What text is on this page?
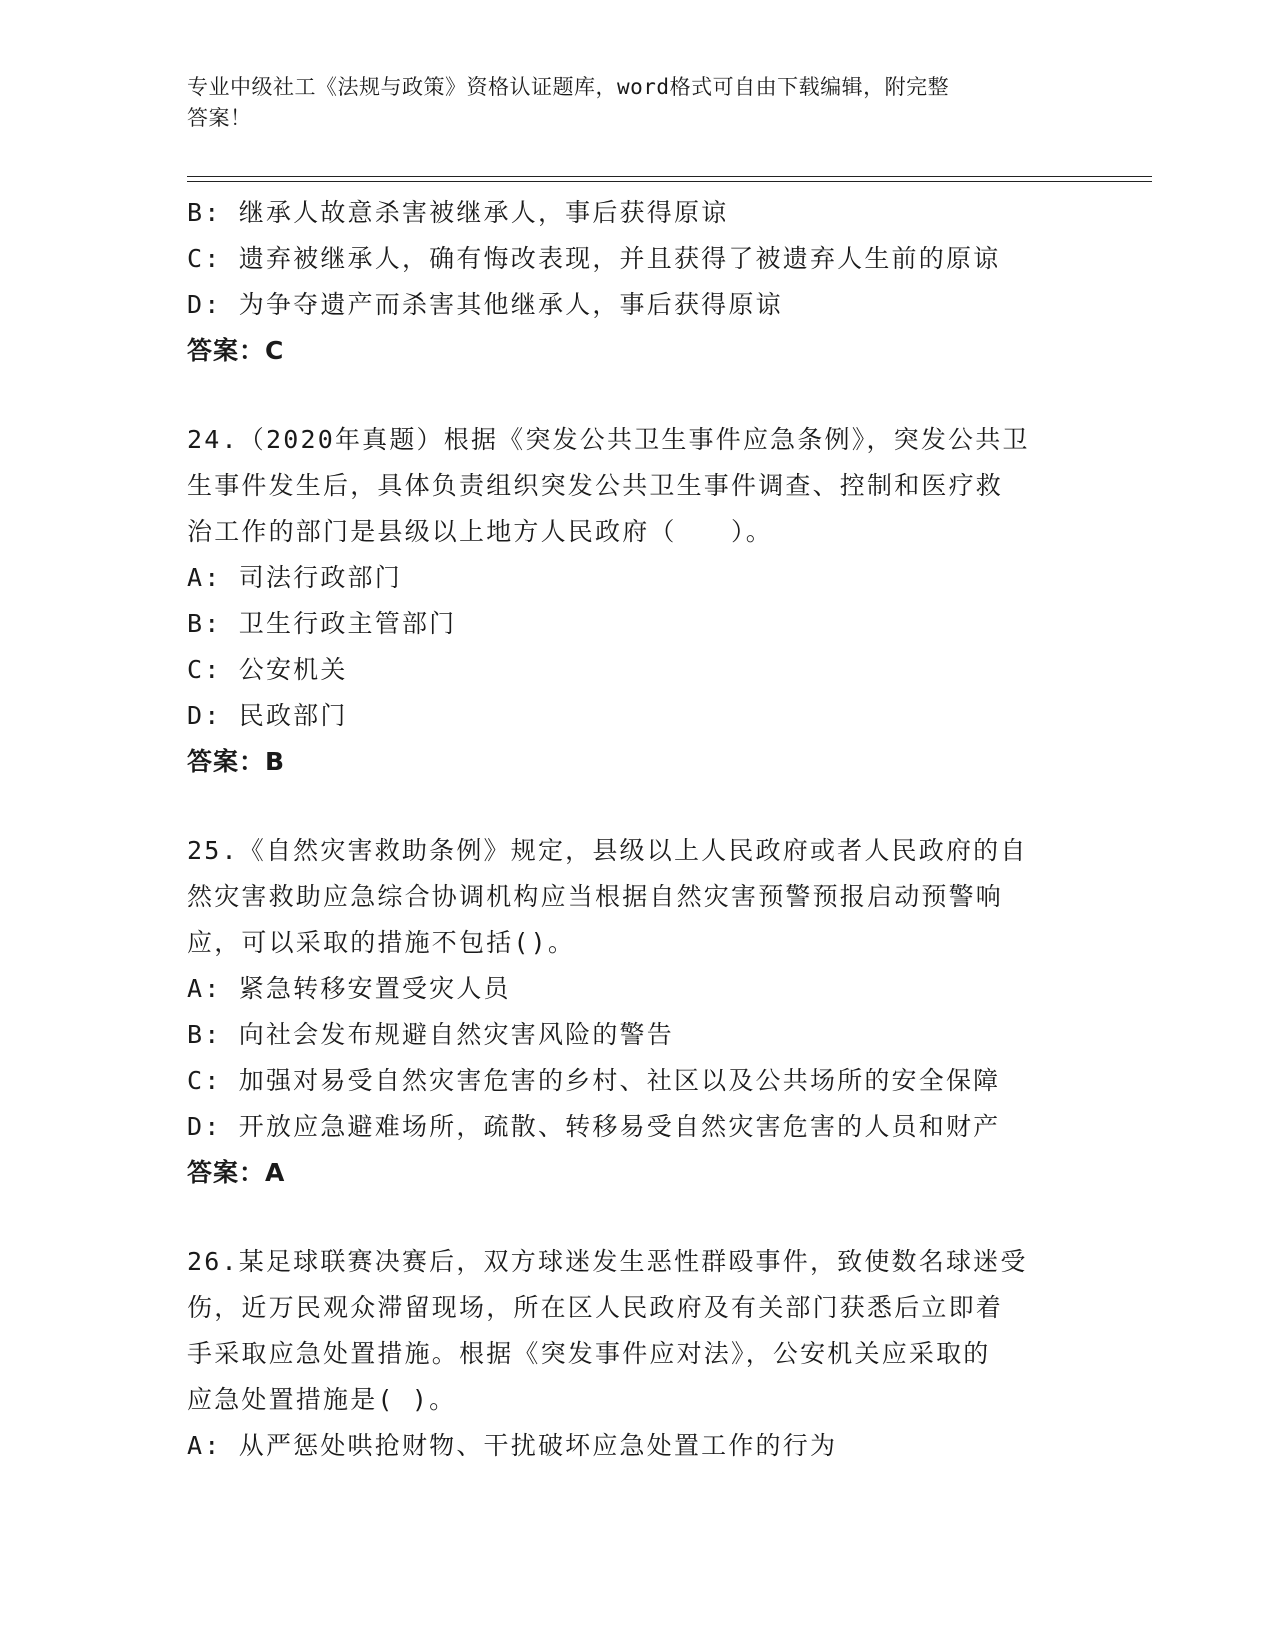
专业中级社工《法规与政策》资格认证题库，word格式可自由下载编辑，附完整
答案！
B: 继承人故意杀害被继承人，事后获得原谅
C: 遗弃被继承人，确有悔改表现，并且获得了被遗弃人生前的原谅
D: 为争夺遗产而杀害其他继承人，事后获得原谅
答案：C
24.（2020年真题）根据《突发公共卫生事件应急条例》，突发公共卫
生事件发生后，具体负责组织突发公共卫生事件调查、控制和医疗救
治工作的部门是县级以上地方人民政府（　　）。
A: 司法行政部门
B: 卫生行政主管部门
C: 公安机关
D: 民政部门
答案：B
25.《自然灾害救助条例》规定，县级以上人民政府或者人民政府的自
然灾害救助应急综合协调机构应当根据自然灾害预警预报启动预警响
应，可以采取的措施不包括()。
A: 紧急转移安置受灾人员
B: 向社会发布规避自然灾害风险的警告
C: 加强对易受自然灾害危害的乡村、社区以及公共场所的安全保障
D: 开放应急避难场所，疏散、转移易受自然灾害危害的人员和财产
答案：A
26.某足球联赛决赛后，双方球迷发生恶性群殴事件，致使数名球迷受
伤，近万民观众滞留现场，所在区人民政府及有关部门获悉后立即着
手采取应急处置措施。根据《突发事件应对法》，公安机关应采取的
应急处置措施是( )。
A: 从严惩处哄抢财物、干扰破坏应急处置工作的行为
